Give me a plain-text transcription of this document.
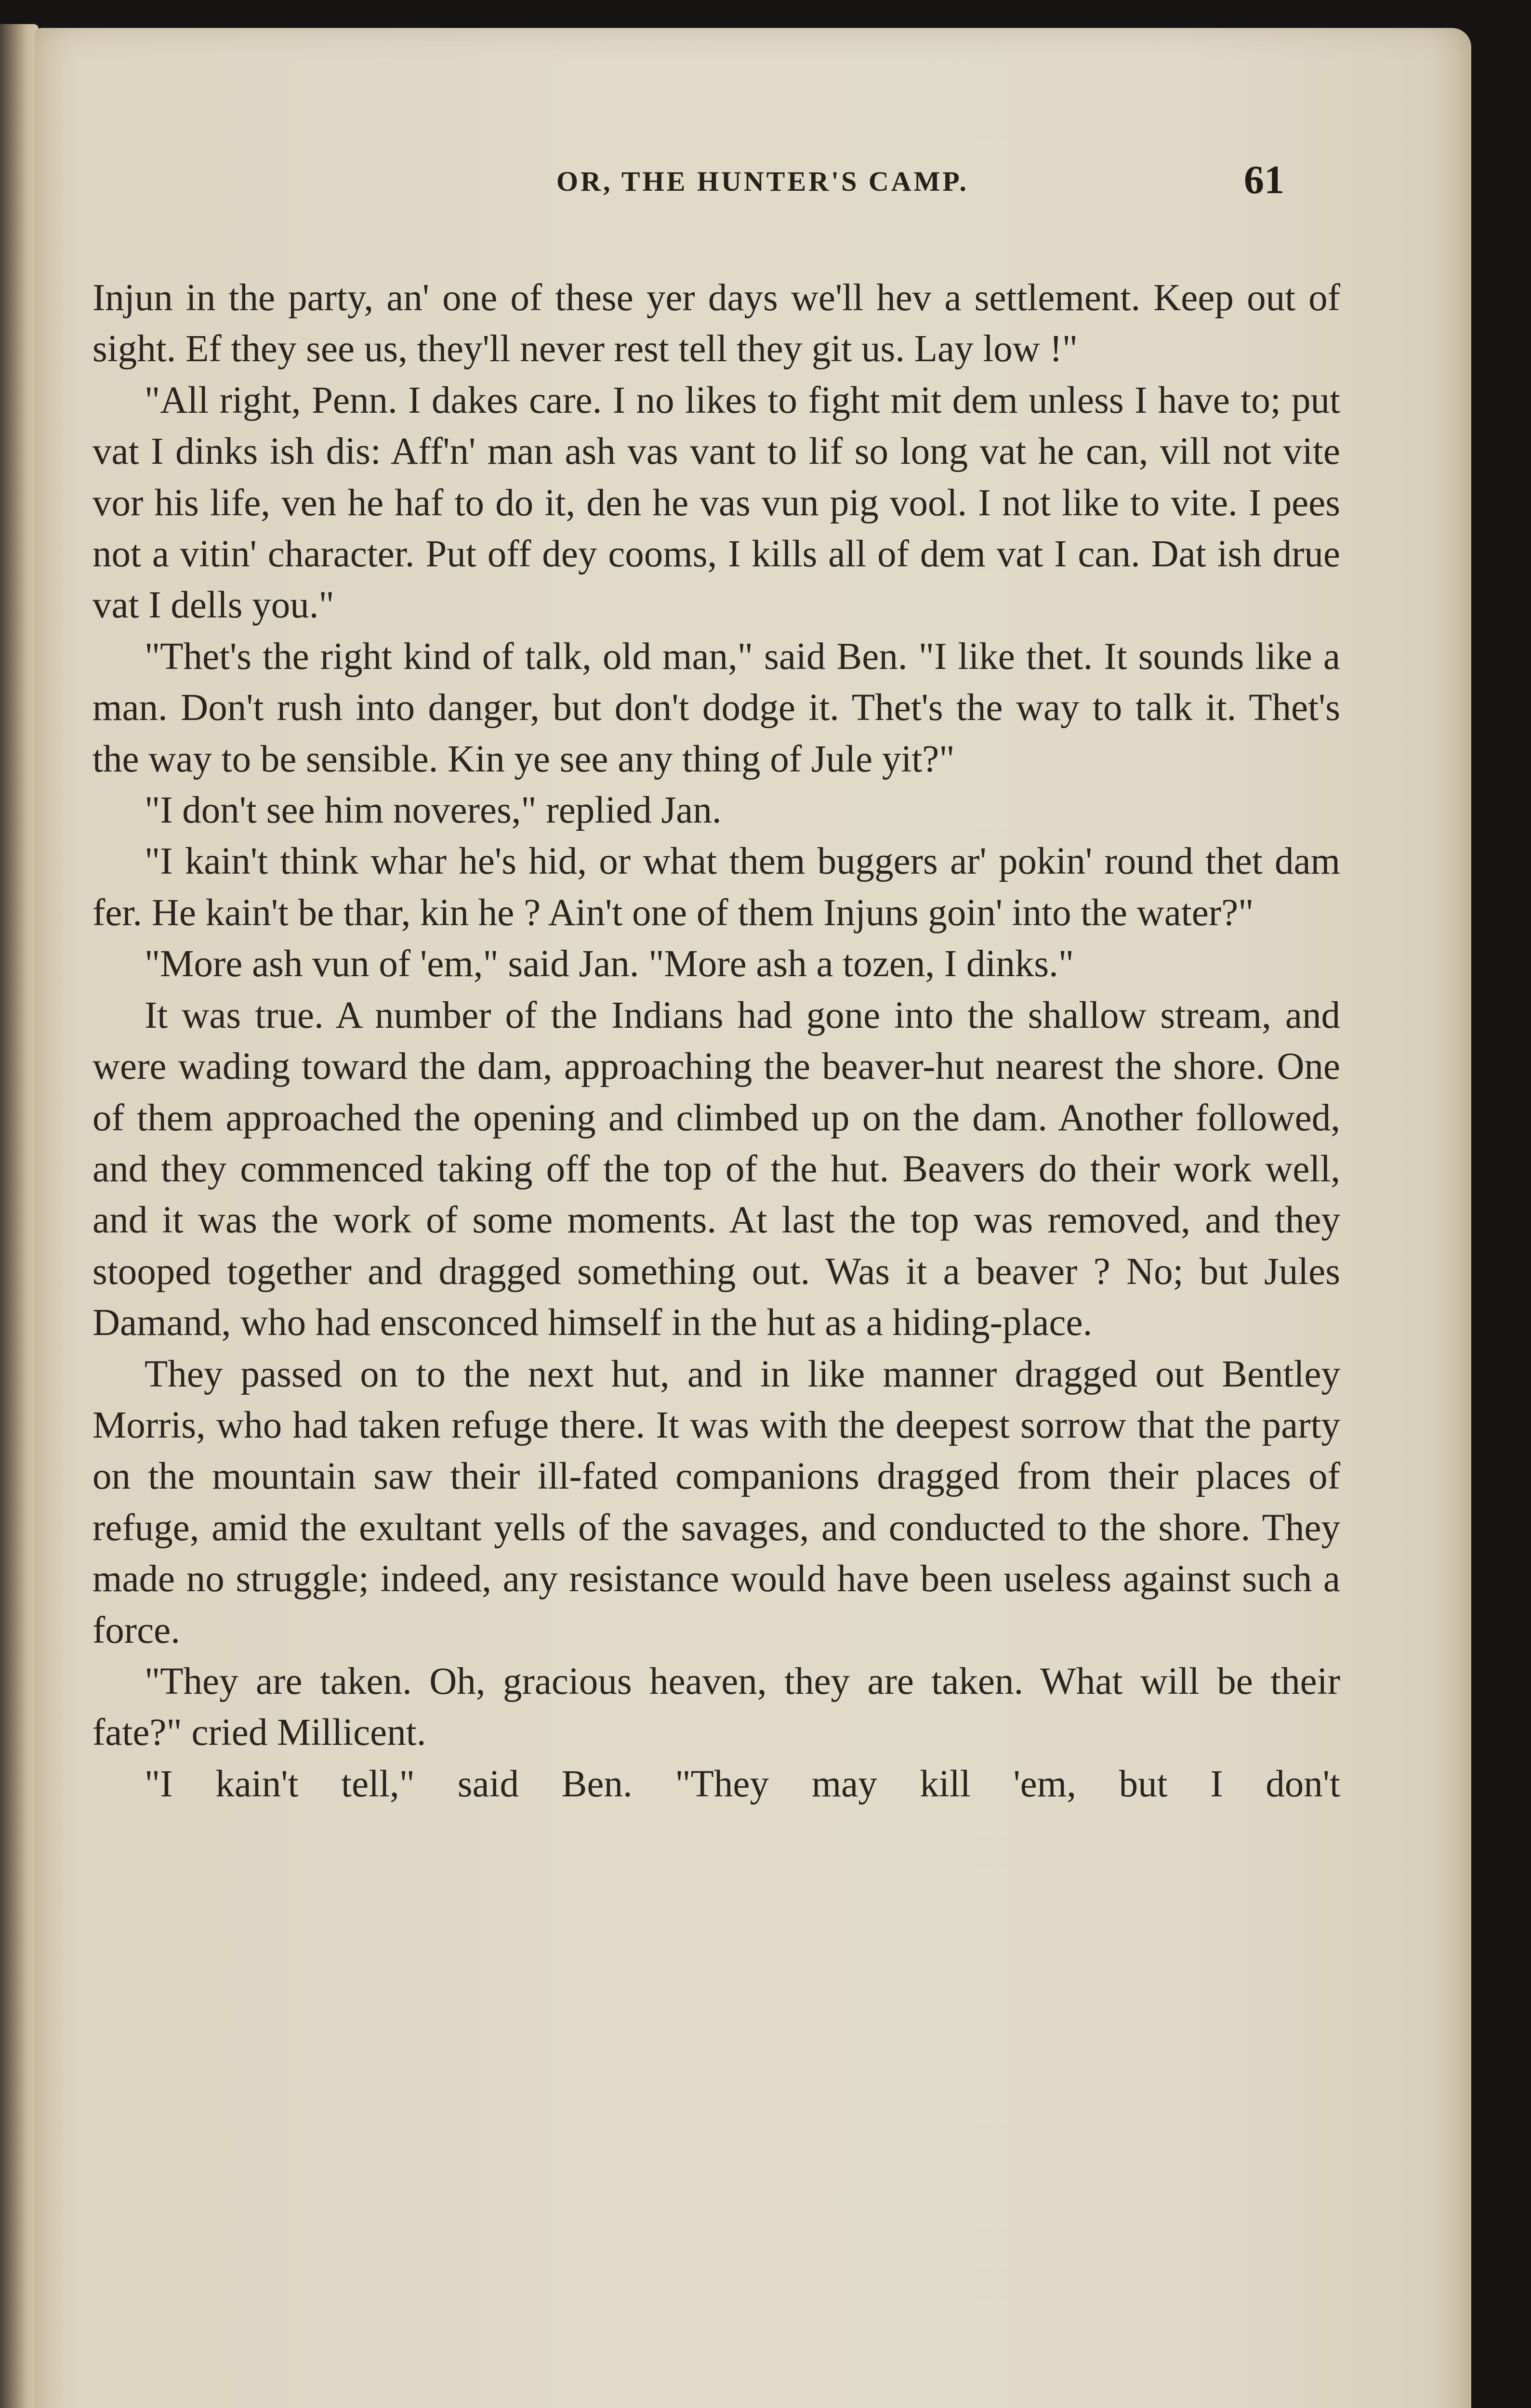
OR, THE HUNTER'S CAMP.	61

Injun in the party, an' one of these yer days we'll hev a settlement. Keep out of sight. Ef they see us, they'll never rest tell they git us. Lay low !"

"All right, Penn. I dakes care. I no likes to fight mit dem unless I have to; put vat I dinks ish dis: Aff'n' man ash vas vant to lif so long vat he can, vill not vite vor his life, ven he haf to do it, den he vas vun pig vool. I not like to vite. I pees not a vitin' character. Put off dey cooms, I kills all of dem vat I can. Dat ish drue vat I dells you."

"Thet's the right kind of talk, old man," said Ben. "I like thet. It sounds like a man. Don't rush into danger, but don't dodge it. Thet's the way to talk it. Thet's the way to be sensible. Kin ye see any thing of Jule yit?"

"I don't see him noveres," replied Jan.

"I kain't think whar he's hid, or what them buggers ar' pokin' round thet dam fer. He kain't be thar, kin he ? Ain't one of them Injuns goin' into the water?"

"More ash vun of 'em," said Jan. "More ash a tozen, I dinks."

It was true. A number of the Indians had gone into the shallow stream, and were wading toward the dam, approaching the beaver-hut nearest the shore. One of them approached the opening and climbed up on the dam. Another followed, and they commenced taking off the top of the hut. Beavers do their work well, and it was the work of some moments. At last the top was removed, and they stooped together and dragged something out. Was it a beaver ? No; but Jules Damand, who had ensconced himself in the hut as a hiding-place.

They passed on to the next hut, and in like manner dragged out Bentley Morris, who had taken refuge there. It was with the deepest sorrow that the party on the mountain saw their ill-fated companions dragged from their places of refuge, amid the exultant yells of the savages, and conducted to the shore. They made no struggle; indeed, any resistance would have been useless against such a force.

"They are taken. Oh, gracious heaven, they are taken. What will be their fate?" cried Millicent.

"I kain't tell," said Ben. "They may kill 'em, but I don't
